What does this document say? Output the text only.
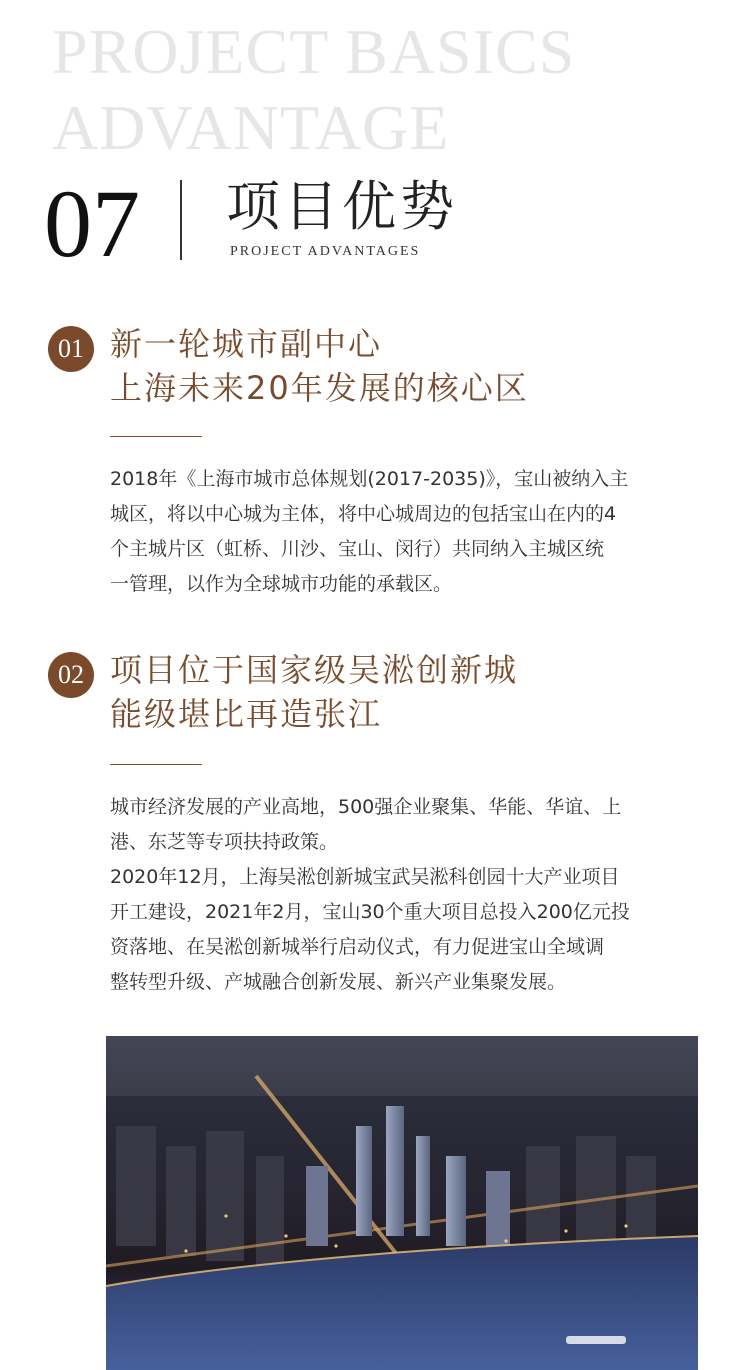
PROJECT BASICS
ADVANTAGE
07 项目优势
PROJECT ADVANTAGES
01 新一轮城市副中心
上海未来20年发展的核心区
2018年《上海市城市总体规划(2017-2035)》，宝山被纳入主
城区，将以中心城为主体，将中心城周边的包括宝山在内的4
个主城片区（虹桥、川沙、宝山、闵行）共同纳入主城区统
一管理，以作为全球城市功能的承载区。
02 项目位于国家级吴淞创新城
能级堪比再造张江
城市经济发展的产业高地，500强企业聚集、华能、华谊、上
港、东芝等专项扶持政策。
2020年12月，上海吴淞创新城宝武吴淞科创园十大产业项目
开工建设，2021年2月，宝山30个重大项目总投入200亿元投
资落地、在吴淞创新城举行启动仪式，有力促进宝山全域调
整转型升级、产城融合创新发展、新兴产业集聚发展。
